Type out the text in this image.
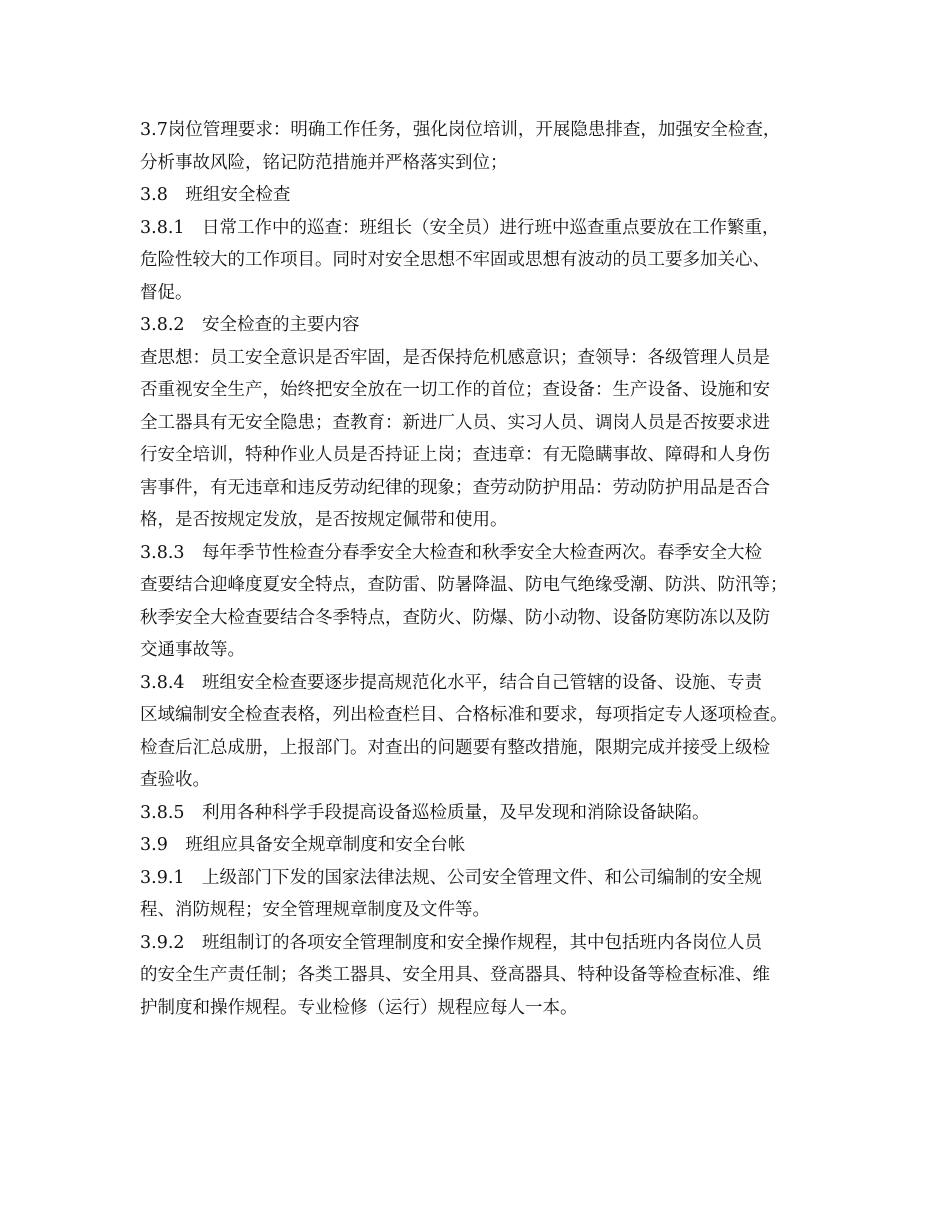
3.7岗位管理要求：明确工作任务，强化岗位培训，开展隐患排查，加强安全检查，
分析事故风险，铭记防范措施并严格落实到位；
3.8　班组安全检查
3.8.1　日常工作中的巡查：班组长（安全员）进行班中巡查重点要放在工作繁重，
危险性较大的工作项目。同时对安全思想不牢固或思想有波动的员工要多加关心、
督促。
3.8.2　安全检查的主要内容
查思想：员工安全意识是否牢固，是否保持危机感意识；查领导：各级管理人员是
否重视安全生产，始终把安全放在一切工作的首位；查设备：生产设备、设施和安
全工器具有无安全隐患；查教育：新进厂人员、实习人员、调岗人员是否按要求进
行安全培训，特种作业人员是否持证上岗；查违章：有无隐瞒事故、障碍和人身伤
害事件，有无违章和违反劳动纪律的现象；查劳动防护用品：劳动防护用品是否合
格，是否按规定发放，是否按规定佩带和使用。
3.8.3　每年季节性检查分春季安全大检查和秋季安全大检查两次。春季安全大检
查要结合迎峰度夏安全特点，查防雷、防暑降温、防电气绝缘受潮、防洪、防汛等；
秋季安全大检查要结合冬季特点，查防火、防爆、防小动物、设备防寒防冻以及防
交通事故等。
3.8.4　班组安全检查要逐步提高规范化水平，结合自己管辖的设备、设施、专责
区域编制安全检查表格，列出检查栏目、合格标准和要求，每项指定专人逐项检查。
检查后汇总成册，上报部门。对查出的问题要有整改措施，限期完成并接受上级检
查验收。
3.8.5　利用各种科学手段提高设备巡检质量，及早发现和消除设备缺陷。
3.9　班组应具备安全规章制度和安全台帐
3.9.1　上级部门下发的国家法律法规、公司安全管理文件、和公司编制的安全规
程、消防规程；安全管理规章制度及文件等。
3.9.2　班组制订的各项安全管理制度和安全操作规程，其中包括班内各岗位人员
的安全生产责任制；各类工器具、安全用具、登高器具、特种设备等检查标准、维
护制度和操作规程。专业检修（运行）规程应每人一本。
